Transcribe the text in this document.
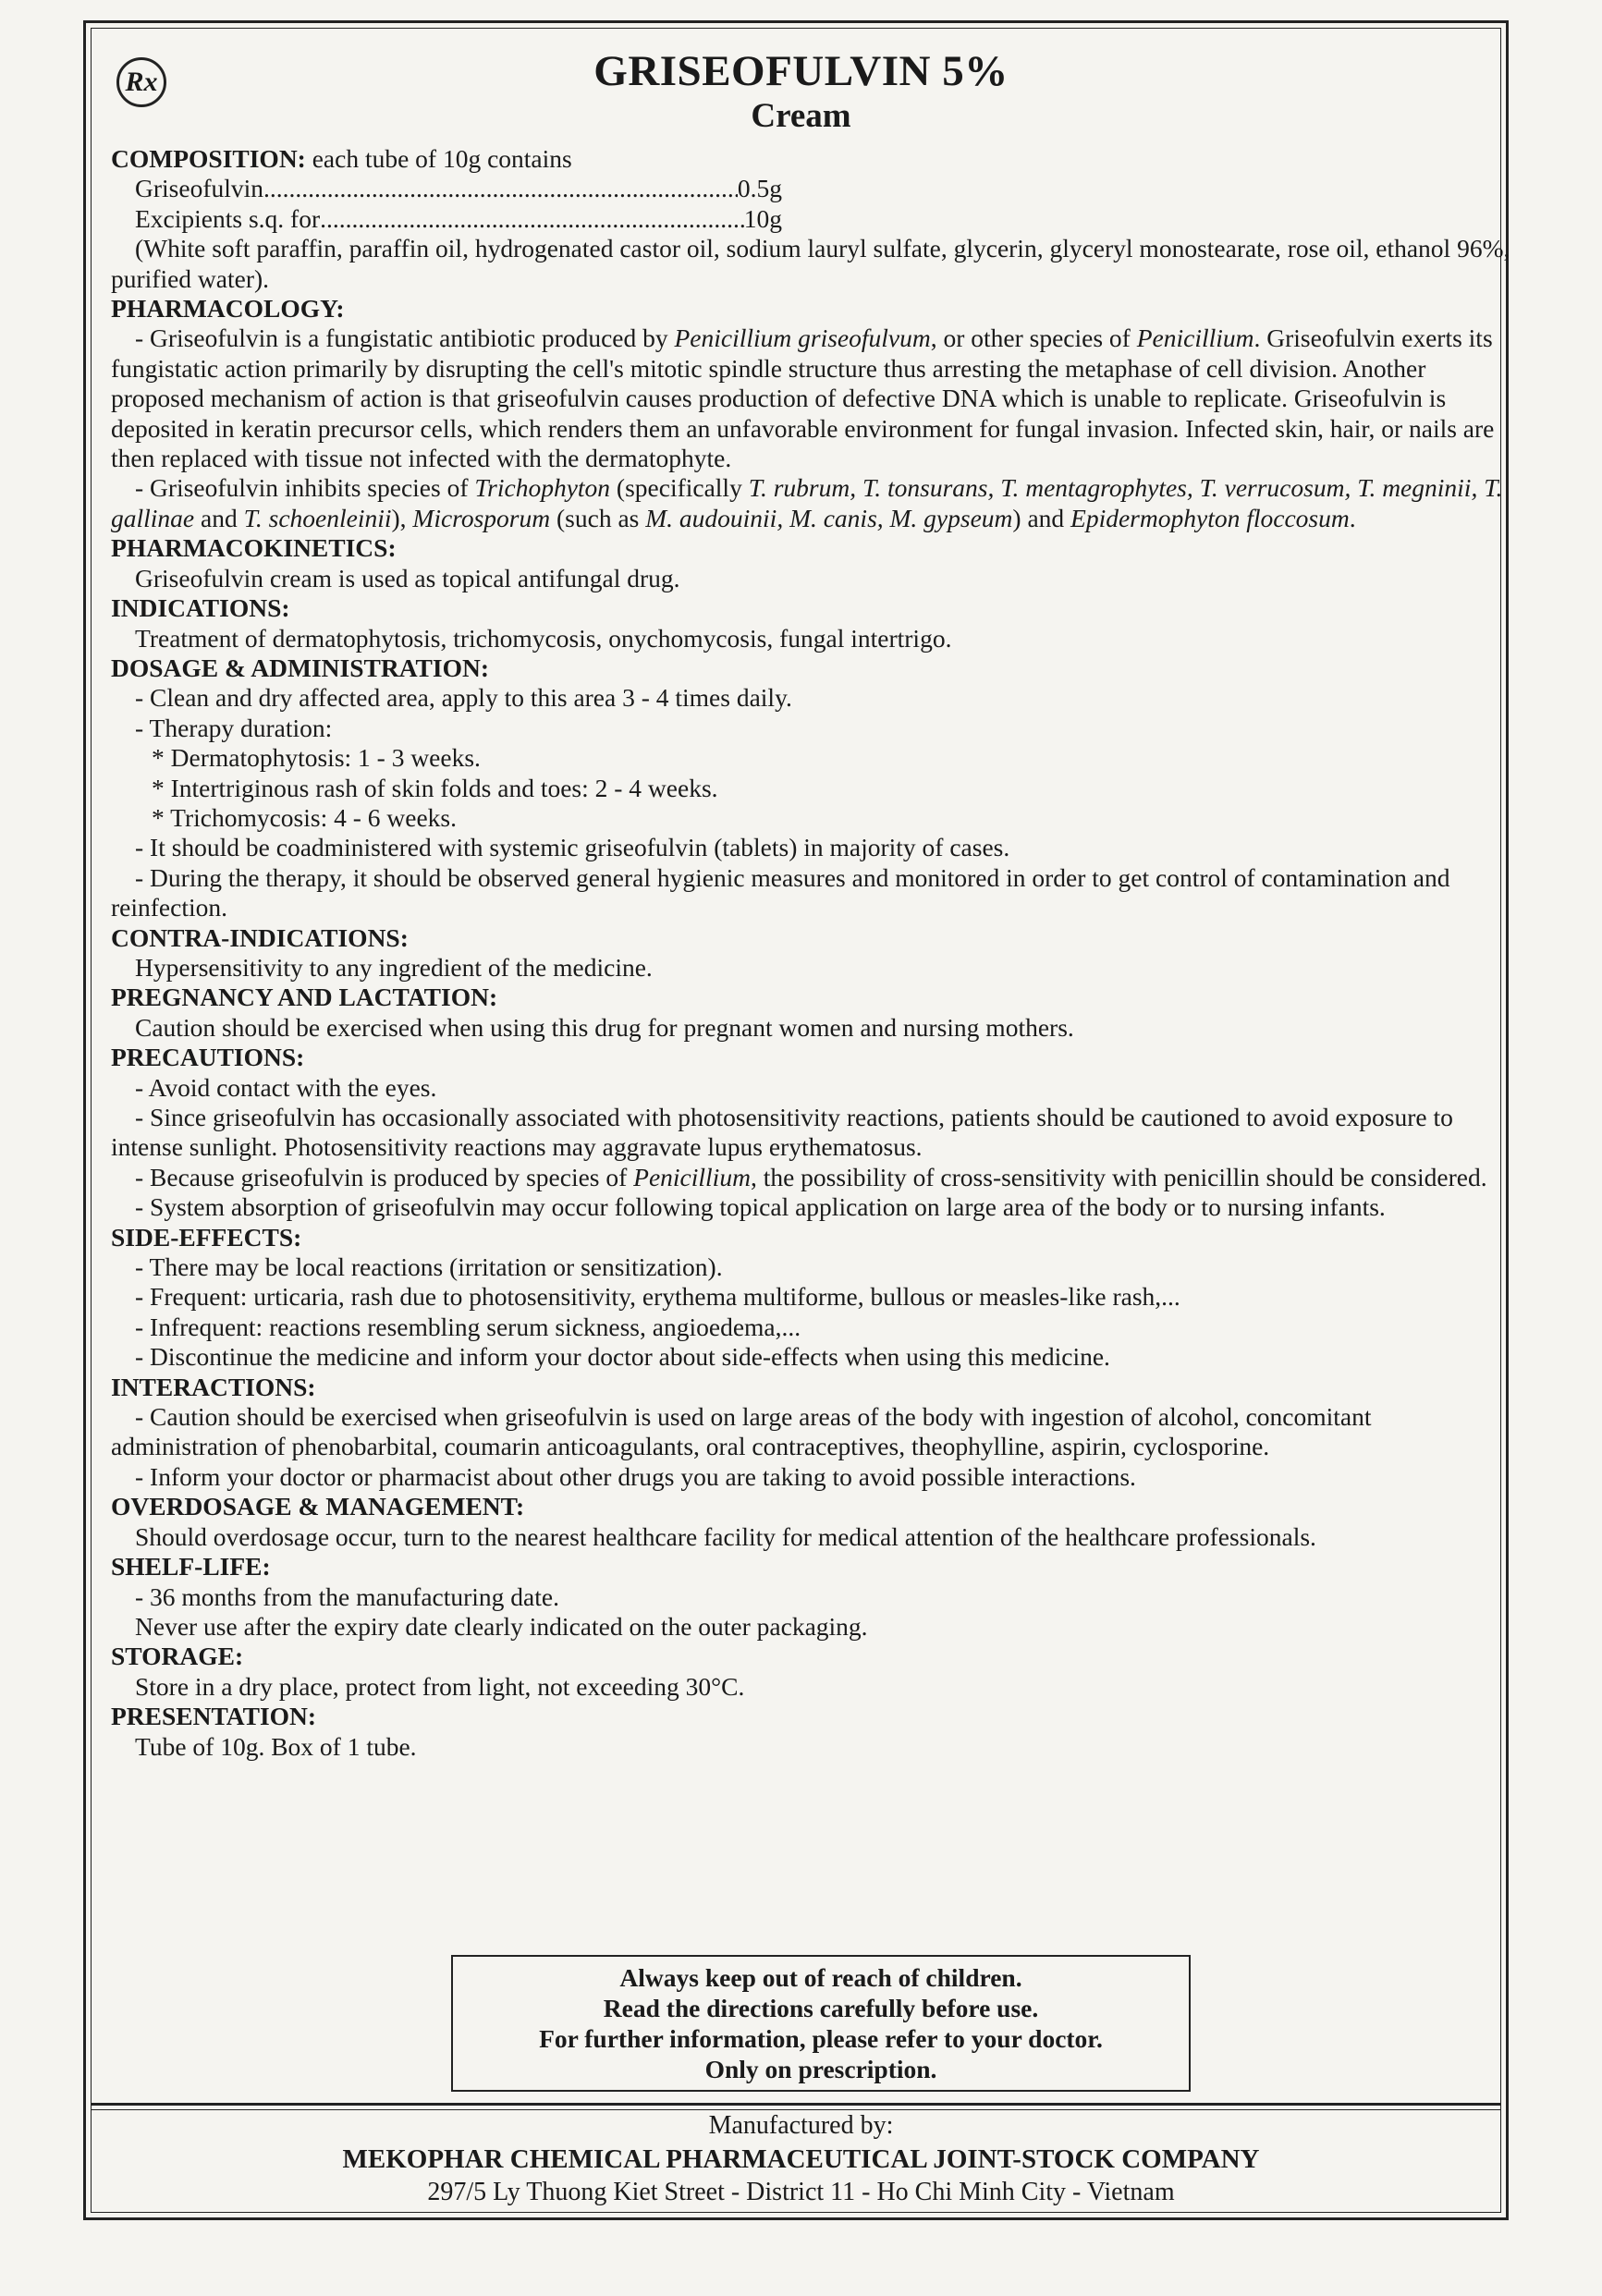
Rx	GRISEOFULVIN 5%
Cream

COMPOSITION: each tube of 10g contains

Griseofulvin .....	0.5g
Excipients s.q. for .....	10g

(White soft paraffin, paraffin oil, hydrogenated castor oil, sodium lauryl sulfate, glycerin, glyceryl monostearate, rose oil, ethanol 96%, purified water).

PHARMACOLOGY:

- Griseofulvin is a fungistatic antibiotic produced by Penicillium griseofulvum, or other species of Penicillium. Griseofulvin exerts its fungistatic action primarily by disrupting the cell's mitotic spindle structure thus arresting the metaphase of cell division. Another proposed mechanism of action is that griseofulvin causes production of defective DNA which is unable to replicate. Griseofulvin is deposited in keratin precursor cells, which renders them an unfavorable environment for fungal invasion. Infected skin, hair, or nails are then replaced with tissue not infected with the dermatophyte.

- Griseofulvin inhibits species of Trichophyton (specifically T. rubrum, T. tonsurans, T. mentagrophytes, T. verrucosum, T. megninii, T. gallinae and T. schoenleinii), Microsporum (such as M. audouinii, M. canis, M. gypseum) and Epidermophyton floccosum.

PHARMACOKINETICS:

Griseofulvin cream is used as topical antifungal drug.

INDICATIONS:

Treatment of dermatophytosis, trichomycosis, onychomycosis, fungal intertrigo.

DOSAGE & ADMINISTRATION:

- Clean and dry affected area, apply to this area 3 - 4 times daily.

- Therapy duration:

* Dermatophytosis: 1 - 3 weeks.

* Intertriginous rash of skin folds and toes: 2 - 4 weeks.

* Trichomycosis: 4 - 6 weeks.

- It should be coadministered with systemic griseofulvin (tablets) in majority of cases.

- During the therapy, it should be observed general hygienic measures and monitored in order to get control of contamination and reinfection.

CONTRA-INDICATIONS:

Hypersensitivity to any ingredient of the medicine.

PREGNANCY AND LACTATION:

Caution should be exercised when using this drug for pregnant women and nursing mothers.

PRECAUTIONS:

- Avoid contact with the eyes.

- Since griseofulvin has occasionally associated with photosensitivity reactions, patients should be cautioned to avoid exposure to intense sunlight. Photosensitivity reactions may aggravate lupus erythematosus.

- Because griseofulvin is produced by species of Penicillium, the possibility of cross-sensitivity with penicillin should be considered.

- System absorption of griseofulvin may occur following topical application on large area of the body or to nursing infants.

SIDE-EFFECTS:

- There may be local reactions (irritation or sensitization).

- Frequent: urticaria, rash due to photosensitivity, erythema multiforme, bullous or measles-like rash,...

- Infrequent: reactions resembling serum sickness, angioedema,...

- Discontinue the medicine and inform your doctor about side-effects when using this medicine.

INTERACTIONS:

- Caution should be exercised when griseofulvin is used on large areas of the body with ingestion of alcohol, concomitant administration of phenobarbital, coumarin anticoagulants, oral contraceptives, theophylline, aspirin, cyclosporine.

- Inform your doctor or pharmacist about other drugs you are taking to avoid possible interactions.

OVERDOSAGE & MANAGEMENT:

Should overdosage occur, turn to the nearest healthcare facility for medical attention of the healthcare professionals.

SHELF-LIFE:

- 36 months from the manufacturing date.

Never use after the expiry date clearly indicated on the outer packaging.

STORAGE:

Store in a dry place, protect from light, not exceeding 30°C.

PRESENTATION:

Tube of 10g. Box of 1 tube.

Always keep out of reach of children.
Read the directions carefully before use.
For further information, please refer to your doctor.
Only on prescription.
Manufactured by:
MEKOPHAR CHEMICAL PHARMACEUTICAL JOINT-STOCK COMPANY
297/5 Ly Thuong Kiet Street - District 11 - Ho Chi Minh City - Vietnam
